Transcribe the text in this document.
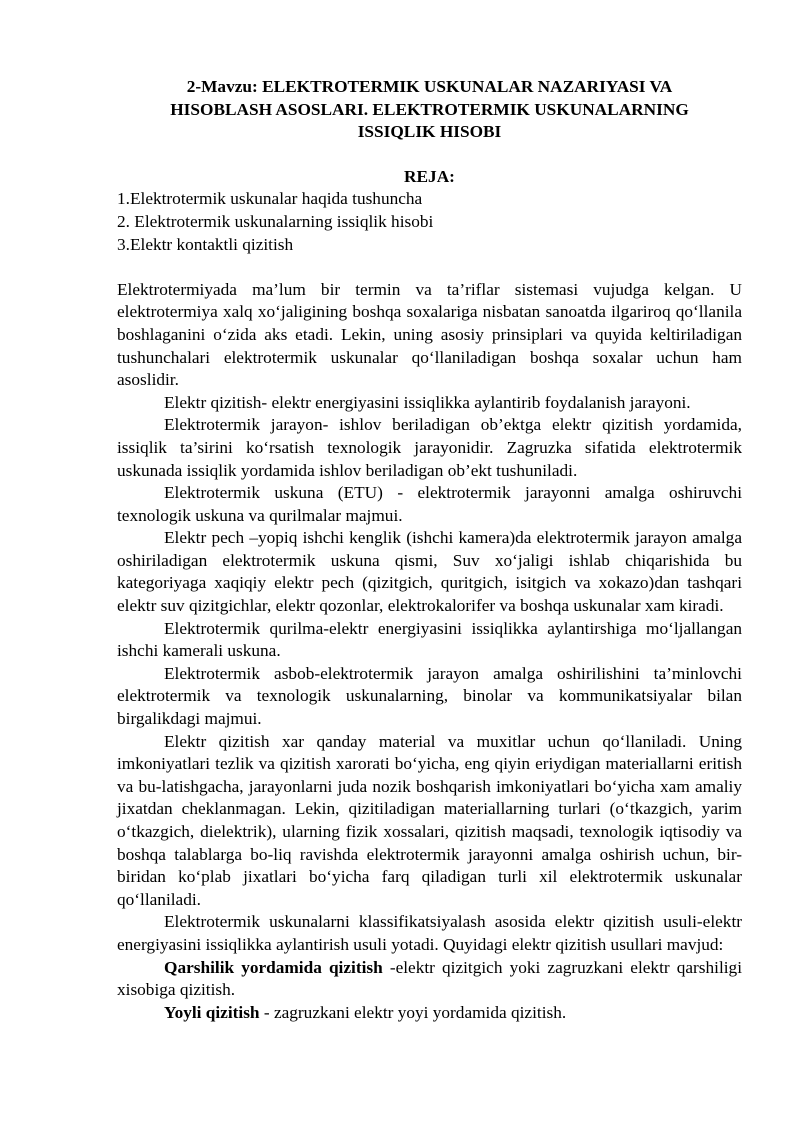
2-Mavzu: ELEKTROTERMIK USKUNALAR NAZARIYASI VA
HISOBLASH ASOSLARI. ELEKTROTERMIK USKUNALARNING
ISSIQLIK HISOBI
REJA:
1.Elektrotermik uskunalar haqida tushuncha
2. Elektrotermik uskunalarning issiqlik hisobi
3.Elektr kontaktli qizitish

Elektrotermiyada ma’lum bir termin va ta’riflar sistemasi vujudga kelgan. U elektrotermiya xalq xo‘jaligining boshqa soxalariga nisbatan sanoatda ilgariroq qo‘llanila boshlaganini o‘zida aks etadi. Lekin, uning asosiy prinsiplari va quyida keltiriladigan tushunchalari elektrotermik uskunalar qo‘llaniladigan boshqa soxalar uchun ham asoslidir.

Elektr qizitish- elektr energiyasini issiqlikka aylantirib foydalanish jarayoni.

Elektrotermik jarayon- ishlov beriladigan ob’ektga elektr qizitish yordamida, issiqlik ta’sirini ko‘rsatish texnologik jarayonidir. Zagruzka sifatida elektrotermik uskunada issiqlik yordamida ishlov beriladigan ob’ekt tushuniladi.

Elektrotermik uskuna (ETU) - elektrotermik jarayonni amalga oshiruvchi texnologik uskuna va qurilmalar majmui.

Elektr pech –yopiq ishchi kenglik (ishchi kamera)da elektrotermik jarayon amalga oshiriladigan elektrotermik uskuna qismi, Suv xo‘jaligi ishlab chiqarishida bu kategoriyaga xaqiqiy elektr pech (qizitgich, quritgich, isitgich va xokazo)dan tashqari elektr suv qizitgichlar, elektr qozonlar, elektrokalorifer va boshqa uskunalar xam kiradi.

Elektrotermik qurilma-elektr energiyasini issiqlikka aylantirshiga mo‘ljallangan ishchi kamerali uskuna.

Elektrotermik asbob-elektrotermik jarayon amalga oshirilishini ta’minlovchi elektrotermik va texnologik uskunalarning, binolar va kommunikatsiyalar bilan birgalikdagi majmui.

Elektr qizitish xar qanday material va muxitlar uchun qo‘llaniladi. Uning imkoniyatlari tezlik va qizitish xarorati bo‘yicha, eng qiyin eriydigan materiallarni eritish va bu-latishgacha, jarayonlarni juda nozik boshqarish imkoniyatlari bo‘yicha xam amaliy jixatdan cheklanmagan. Lekin, qizitiladigan materiallarning turlari (o‘tkazgich, yarim o‘tkazgich, dielektrik), ularning fizik xossalari, qizitish maqsadi, texnologik iqtisodiy va boshqa talablarga bo-liq ravishda elektrotermik jarayonni amalga oshirish uchun, bir-biridan ko‘plab jixatlari bo‘yicha farq qiladigan turli xil elektrotermik uskunalar qo‘llaniladi.

Elektrotermik uskunalarni klassifikatsiyalash asosida elektr qizitish usuli-elektr energiyasini issiqlikka aylantirish usuli yotadi. Quyidagi elektr qizitish usullari mavjud:

Qarshilik yordamida qizitish -elektr qizitgich yoki zagruzkani elektr qarshiligi xisobiga qizitish.

Yoyli qizitish - zagruzkani elektr yoyi yordamida qizitish.
